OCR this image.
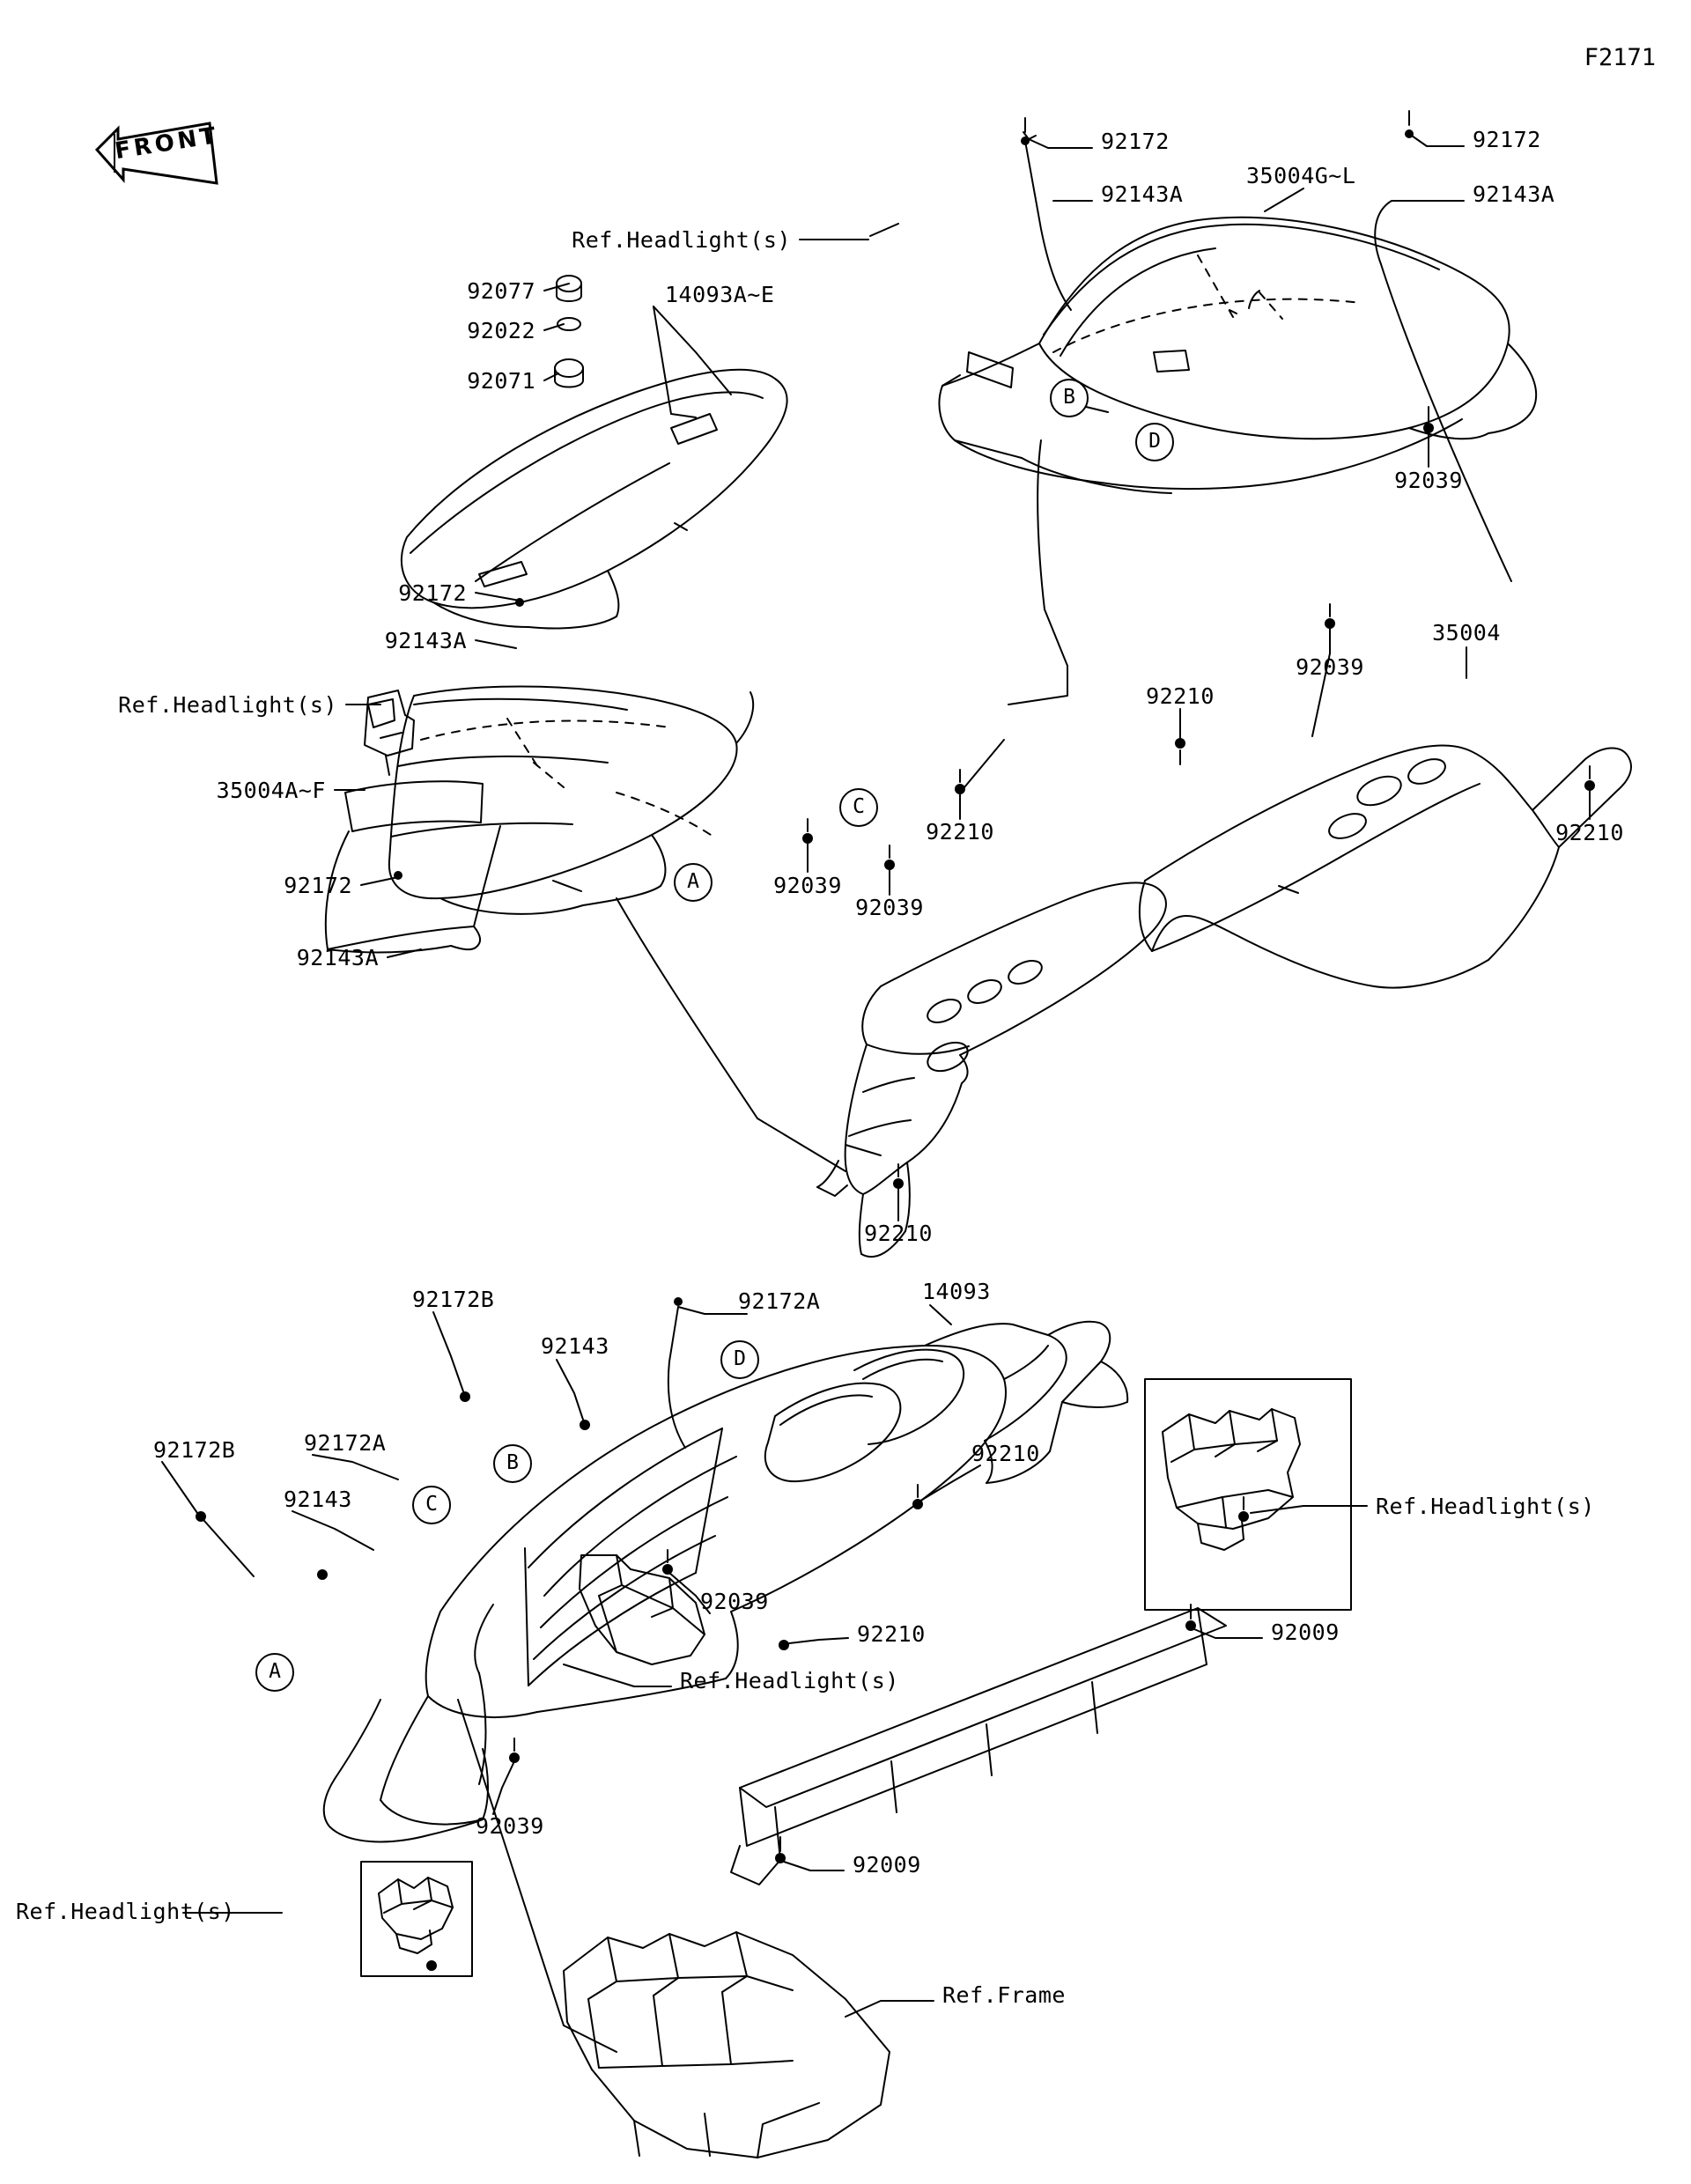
F2171
FRONT	92172
92143A
35004G~L
92172
92143A
Ref.Headlight(s)
92077
92022
92071
14093A~E
92039
92172
92143A
Ref.Headlight(s)
35004A~F
92172
92143A
92039
92039
35004
92210
92210
92210
92039
92210
A
B
C
D
92172B
92143
92172A	14093
92172B	92172A
92143
92210
Ref.Headlight(s)
92039
92210	92009
Ref.Headlight(s)
92039
92009
Ref.Headlight(s)
Ref.Frame
A
B
C
D
